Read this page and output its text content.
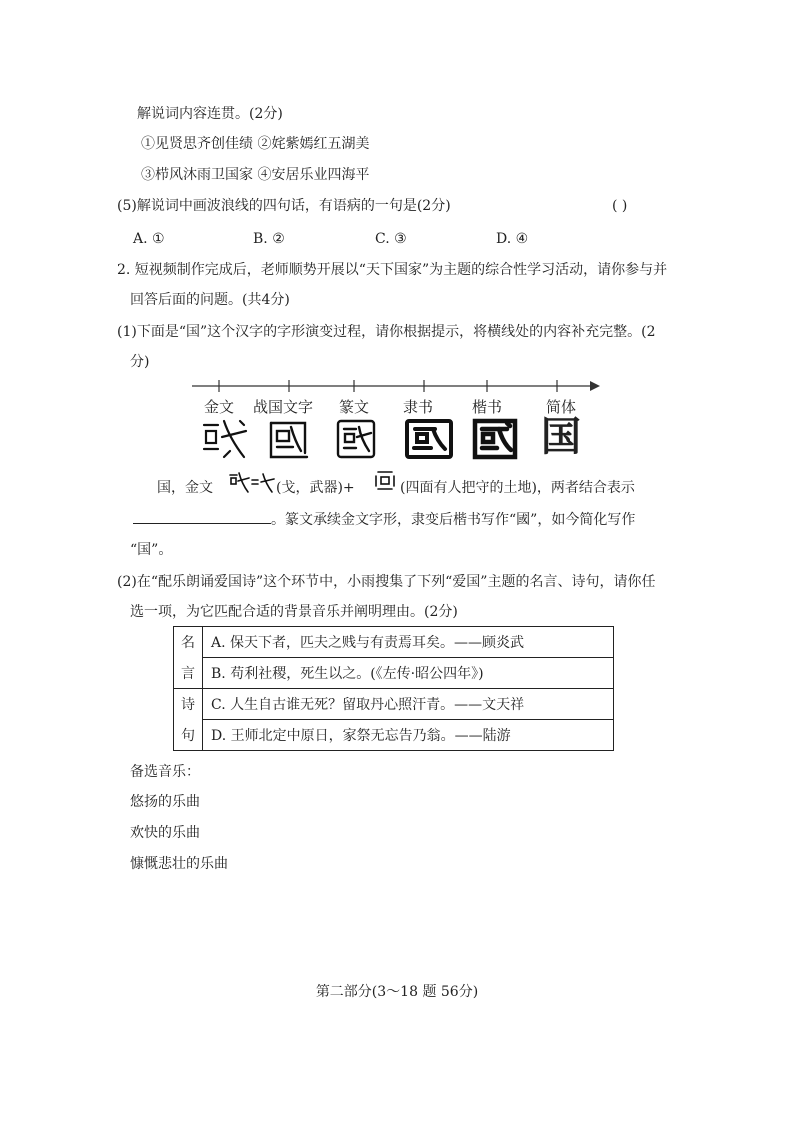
解说词内容连贯。(2分)
①见贤思齐创佳绩 ②姹紫嫣红五湖美
③栉风沐雨卫国家 ④安居乐业四海平
(5)解说词中画波浪线的四句话，有语病的一句是(2分)	( )
A. ①	B. ②	C. ③	D. ④
2. 短视频制作完成后，老师顺势开展以“天下国家”为主题的综合性学习活动，请你参与并
回答后面的问题。(共4分)
(1)下面是“国”这个汉字的字形演变过程，请你根据提示，将横线处的内容补充完整。(2
分)
金文 战国文字 篆文 隶书	楷书	简体
国
国，金文	(戈，武器)+	(四面有人把守的土地)，两者结合表示
。篆文承续金文字形，隶变后楷书写作“國”，如今简化写作
“国”。
(2)在“配乐朗诵爱国诗”这个环节中，小雨搜集了下列“爱国”主题的名言、诗句，请你任
选一项，为它匹配合适的背景音乐并阐明理由。(2分)
名	A. 保天下者，匹夫之贱与有责焉耳矣。——顾炎武
言	B. 苟利社稷，死生以之。(《左传·昭公四年》)
诗	C. 人生自古谁无死？留取丹心照汗青。——文天祥
句	D. 王师北定中原日，家祭无忘告乃翁。——陆游
备选音乐：
悠扬的乐曲
欢快的乐曲
慷慨悲壮的乐曲
第二部分(3～18 题 56分)
